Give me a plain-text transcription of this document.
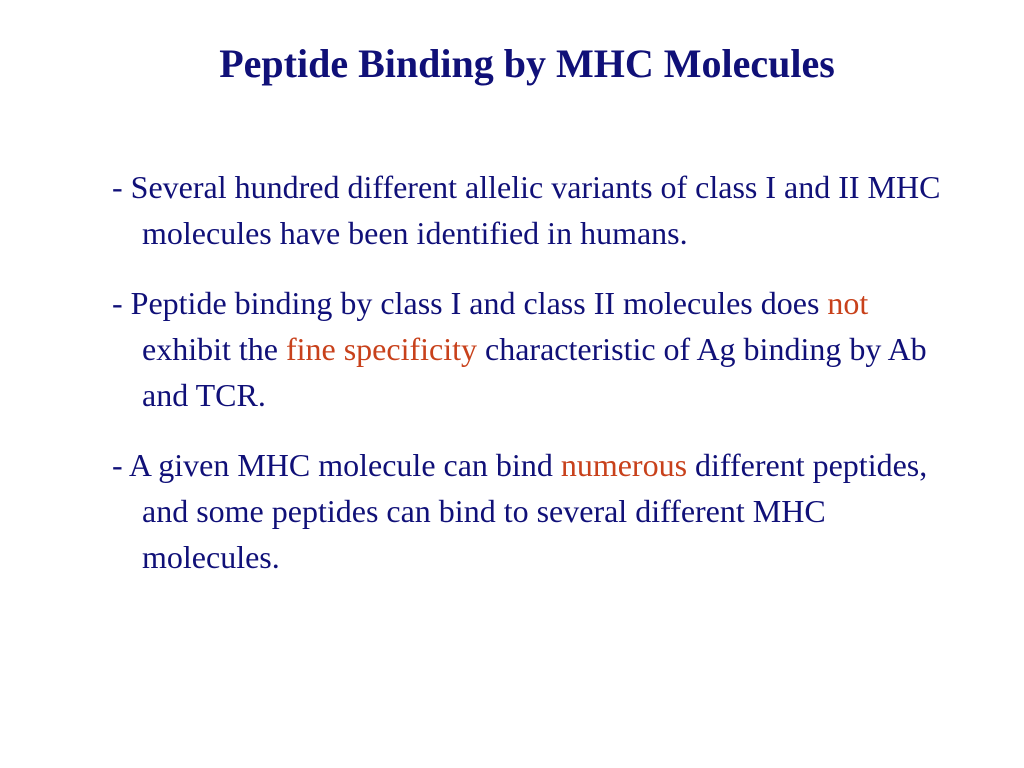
Peptide Binding by MHC Molecules
- Several hundred different allelic variants of class I and II MHC molecules have been identified in humans.
- Peptide binding by class I and class II molecules does not exhibit the fine specificity characteristic of Ag binding by Ab and TCR.
- A given MHC molecule can bind numerous different peptides, and some peptides can bind to several different MHC molecules.
